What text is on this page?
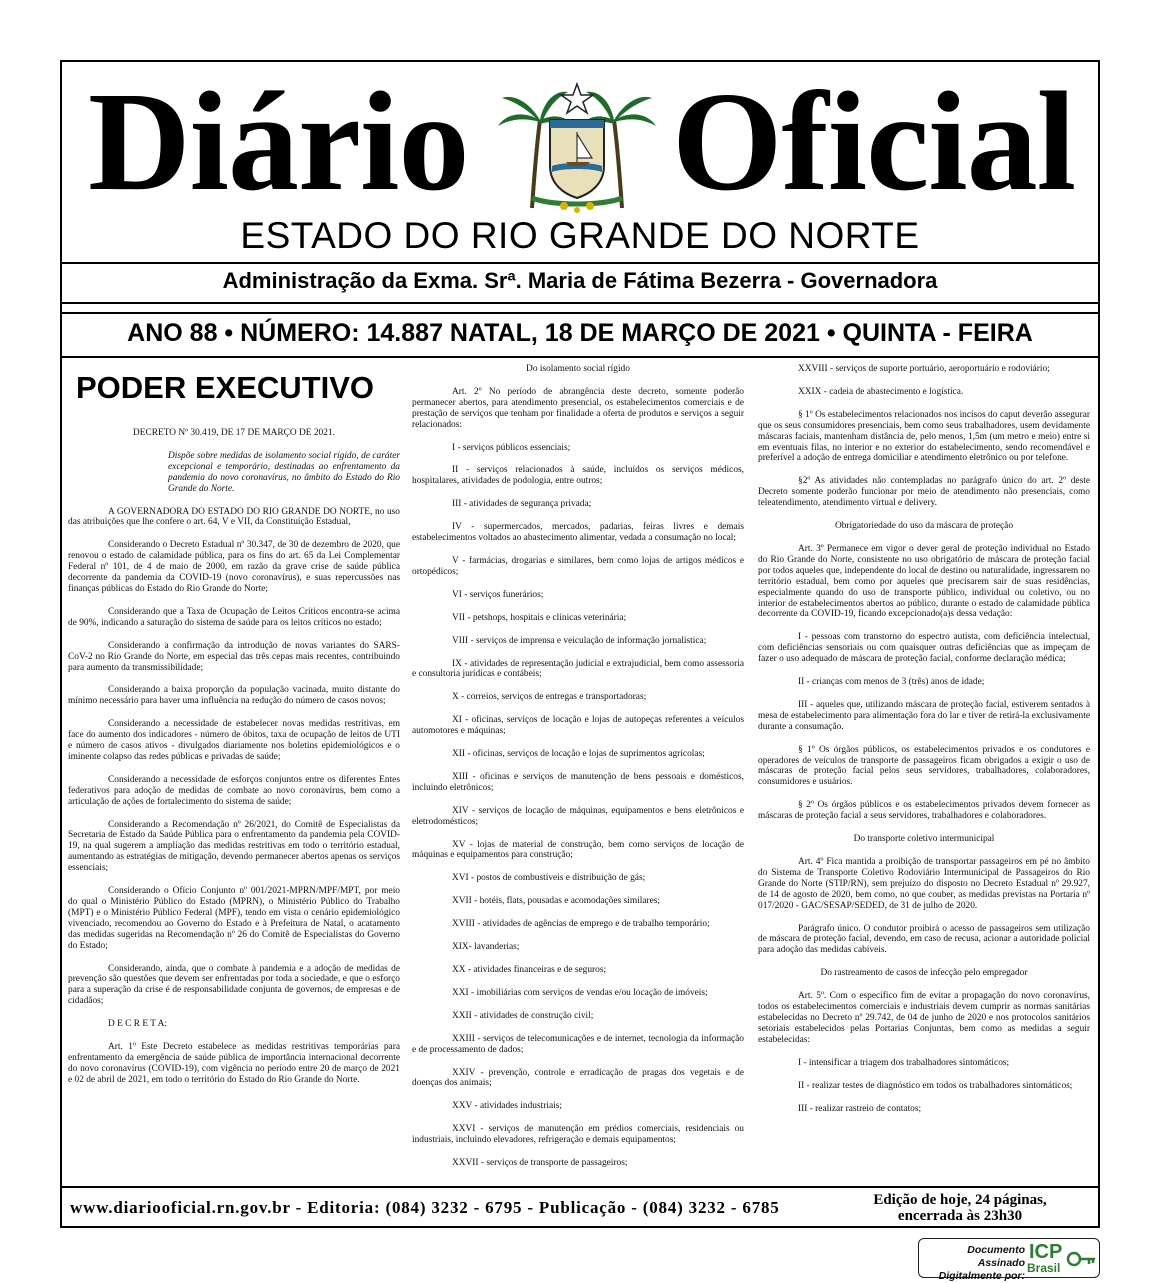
Diário Oficial
ESTADO DO RIO GRANDE DO NORTE
Administração da Exma. Srª. Maria de Fátima Bezerra - Governadora
ANO 88 • NÚMERO: 14.887 NATAL, 18 DE MARÇO DE 2021 • QUINTA - FEIRA
PODER EXECUTIVO

DECRETO Nº 30.419, DE 17 DE MARÇO DE 2021.

Dispõe sobre medidas de isolamento social rígido, de caráter excepcional e temporário, destinadas ao enfrentamento da pandemia do novo coronavírus, no âmbito do Estado do Rio Grande do Norte.

A GOVERNADORA DO ESTADO DO RIO GRANDE DO NORTE, no uso das atribuições que lhe confere o art. 64, V e VII, da Constituição Estadual,

Considerando o Decreto Estadual nº 30.347, de 30 de dezembro de 2020, que renovou o estado de calamidade pública, para os fins do art. 65 da Lei Complementar Federal nº 101, de 4 de maio de 2000, em razão da grave crise de saúde pública decorrente da pandemia da COVID-19 (novo coronavírus), e suas repercussões nas finanças públicas do Estado do Rio Grande do Norte;

Considerando que a Taxa de Ocupação de Leitos Críticos encontra-se acima de 90%, indicando a saturação do sistema de saúde para os leitos críticos no estado;

Considerando a confirmação da introdução de novas variantes do SARS-CoV-2 no Rio Grande do Norte, em especial das três cepas mais recentes, contribuindo para aumento da transmissibilidade;

Considerando a baixa proporção da população vacinada, muito distante do mínimo necessário para haver uma influência na redução do número de casos novos;

Considerando a necessidade de estabelecer novas medidas restritivas, em face do aumento dos indicadores - número de óbitos, taxa de ocupação de leitos de UTI e número de casos ativos - divulgados diariamente nos boletins epidemiológicos e o iminente colapso das redes públicas e privadas de saúde;

Considerando a necessidade de esforços conjuntos entre os diferentes Entes federativos para adoção de medidas de combate ao novo coronavírus, bem como a articulação de ações de fortalecimento do sistema de saúde;

Considerando a Recomendação nº 26/2021, do Comitê de Especialistas da Secretaria de Estado da Saúde Pública para o enfrentamento da pandemia pela COVID-19, na qual sugerem a ampliação das medidas restritivas em todo o território estadual, aumentando as estratégias de mitigação, devendo permanecer abertos apenas os serviços essenciais;

Considerando o Ofício Conjunto nº 001/2021-MPRN/MPF/MPT, por meio do qual o Ministério Público do Estado (MPRN), o Ministério Público do Trabalho (MPT) e o Ministério Público Federal (MPF), tendo em vista o cenário epidemiológico vivenciado, recomendou ao Governo do Estado e à Prefeitura de Natal, o acatamento das medidas sugeridas na Recomendação nº 26 do Comitê de Especialistas do Governo do Estado;

Considerando, ainda, que o combate à pandemia e a adoção de medidas de prevenção são questões que devem ser enfrentadas por toda a sociedade, e que o esforço para a superação da crise é de responsabilidade conjunta de governos, de empresas e de cidadãos;

D E C R E T A:

Art. 1º Este Decreto estabelece as medidas restritivas temporárias para enfrentamento da emergência de saúde pública de importância internacional decorrente do novo coronavírus (COVID-19), com vigência no período entre 20 de março de 2021 e 02 de abril de 2021, em todo o território do Estado do Rio Grande do Norte.

Do isolamento social rígido

Art. 2º No período de abrangência deste decreto, somente poderão permanecer abertos, para atendimento presencial, os estabelecimentos comerciais e de prestação de serviços que tenham por finalidade a oferta de produtos e serviços a seguir relacionados:

I - serviços públicos essenciais;

II - serviços relacionados à saúde, incluídos os serviços médicos, hospitalares, atividades de podologia, entre outros;

III - atividades de segurança privada;

IV - supermercados, mercados, padarias, feiras livres e demais estabelecimentos voltados ao abastecimento alimentar, vedada a consumação no local;

V - farmácias, drogarias e similares, bem como lojas de artigos médicos e ortopédicos;

VI - serviços funerários;

VII - petshops, hospitais e clínicas veterinária;

VIII - serviços de imprensa e veiculação de informação jornalística;

IX - atividades de representação judicial e extrajudicial, bem como assessoria e consultoria jurídicas e contábeis;

X - correios, serviços de entregas e transportadoras;

XI - oficinas, serviços de locação e lojas de autopeças referentes a veículos automotores e máquinas;

XII - oficinas, serviços de locação e lojas de suprimentos agrícolas;

XIII - oficinas e serviços de manutenção de bens pessoais e domésticos, incluindo eletrônicos;

XIV - serviços de locação de máquinas, equipamentos e bens eletrônicos e eletrodomésticos;

XV - lojas de material de construção, bem como serviços de locação de máquinas e equipamentos para construção;

XVI - postos de combustíveis e distribuição de gás;

XVII - hotéis, flats, pousadas e acomodações similares;

XVIII - atividades de agências de emprego e de trabalho temporário;

XIX- lavanderias;

XX - atividades financeiras e de seguros;

XXI - imobiliárias com serviços de vendas e/ou locação de imóveis;

XXII - atividades de construção civil;

XXIII - serviços de telecomunicações e de internet, tecnologia da informação e de processamento de dados;

XXIV - prevenção, controle e erradicação de pragas dos vegetais e de doenças dos animais;

XXV - atividades industriais;

XXVI - serviços de manutenção em prédios comerciais, residenciais ou industriais, incluindo elevadores, refrigeração e demais equipamentos;

XXVII - serviços de transporte de passageiros;

XXVIII - serviços de suporte portuário, aeroportuário e rodoviário;

XXIX - cadeia de abastecimento e logística.

§ 1º Os estabelecimentos relacionados nos incisos do caput deverão assegurar que os seus consumidores presenciais, bem como seus trabalhadores, usem devidamente máscaras faciais, mantenham distância de, pelo menos, 1,5m (um metro e meio) entre si em eventuais filas, no interior e no exterior do estabelecimento, sendo recomendável e preferível a adoção de entrega domiciliar e atendimento eletrônico ou por telefone.

§2º As atividades não contempladas no parágrafo único do art. 2º deste Decreto somente poderão funcionar por meio de atendimento não presenciais, como teleatendimento, atendimento virtual e delivery.

Obrigatoriedade do uso da máscara de proteção

Art. 3º Permanece em vigor o dever geral de proteção individual no Estado do Rio Grande do Norte, consistente no uso obrigatório de máscara de proteção facial por todos aqueles que, independente do local de destino ou naturalidade, ingressarem no território estadual, bem como por aqueles que precisarem sair de suas residências, especialmente quando do uso de transporte público, individual ou coletivo, ou no interior de estabelecimentos abertos ao público, durante o estado de calamidade pública decorrente da COVID-19, ficando excepcionado(a)s dessa vedação:

I - pessoas com transtorno do espectro autista, com deficiência intelectual, com deficiências sensoriais ou com quaisquer outras deficiências que as impeçam de fazer o uso adequado de máscara de proteção facial, conforme declaração médica;

II - crianças com menos de 3 (três) anos de idade;

III - aqueles que, utilizando máscara de proteção facial, estiverem sentados à mesa de estabelecimento para alimentação fora do lar e tiver de retirá-la exclusivamente durante a consumação.

§ 1º Os órgãos públicos, os estabelecimentos privados e os condutores e operadores de veículos de transporte de passageiros ficam obrigados a exigir o uso de máscaras de proteção facial pelos seus servidores, trabalhadores, colaboradores, consumidores e usuários.

§ 2º Os órgãos públicos e os estabelecimentos privados devem fornecer as máscaras de proteção facial a seus servidores, trabalhadores e colaboradores.

Do transporte coletivo intermunicipal

Art. 4º Fica mantida a proibição de transportar passageiros em pé no âmbito do Sistema de Transporte Coletivo Rodoviário Intermunicipal de Passageiros do Rio Grande do Norte (STIP/RN), sem prejuízo do disposto no Decreto Estadual nº 29.927, de 14 de agosto de 2020, bem como, no que couber, as medidas previstas na Portaria nº 017/2020 - GAC/SESAP/SEDED, de 31 de julho de 2020.

Parágrafo único. O condutor proibirá o acesso de passageiros sem utilização de máscara de proteção facial, devendo, em caso de recusa, acionar a autoridade policial para adoção das medidas cabíveis.

Do rastreamento de casos de infecção pelo empregador

Art. 5º. Com o específico fim de evitar a propagação do novo coronavírus, todos os estabelecimentos comerciais e industriais devem cumprir as normas sanitárias estabelecidas no Decreto nº 29.742, de 04 de junho de 2020 e nos protocolos sanitários setoriais estabelecidos pelas Portarias Conjuntas, bem como as medidas a seguir estabelecidas:

I - intensificar a triagem dos trabalhadores sintomáticos;

II - realizar testes de diagnóstico em todos os trabalhadores sintomáticos;

III - realizar rastreio de contatos;

www.diariooficial.rn.gov.br - Editoria: (084) 3232 - 6795 - Publicação - (084) 3232 - 6785	Edição de hoje, 24 páginas,
encerrada às 23h30
Documento Assinado
Digitalmente por:
ICP
Brasil
